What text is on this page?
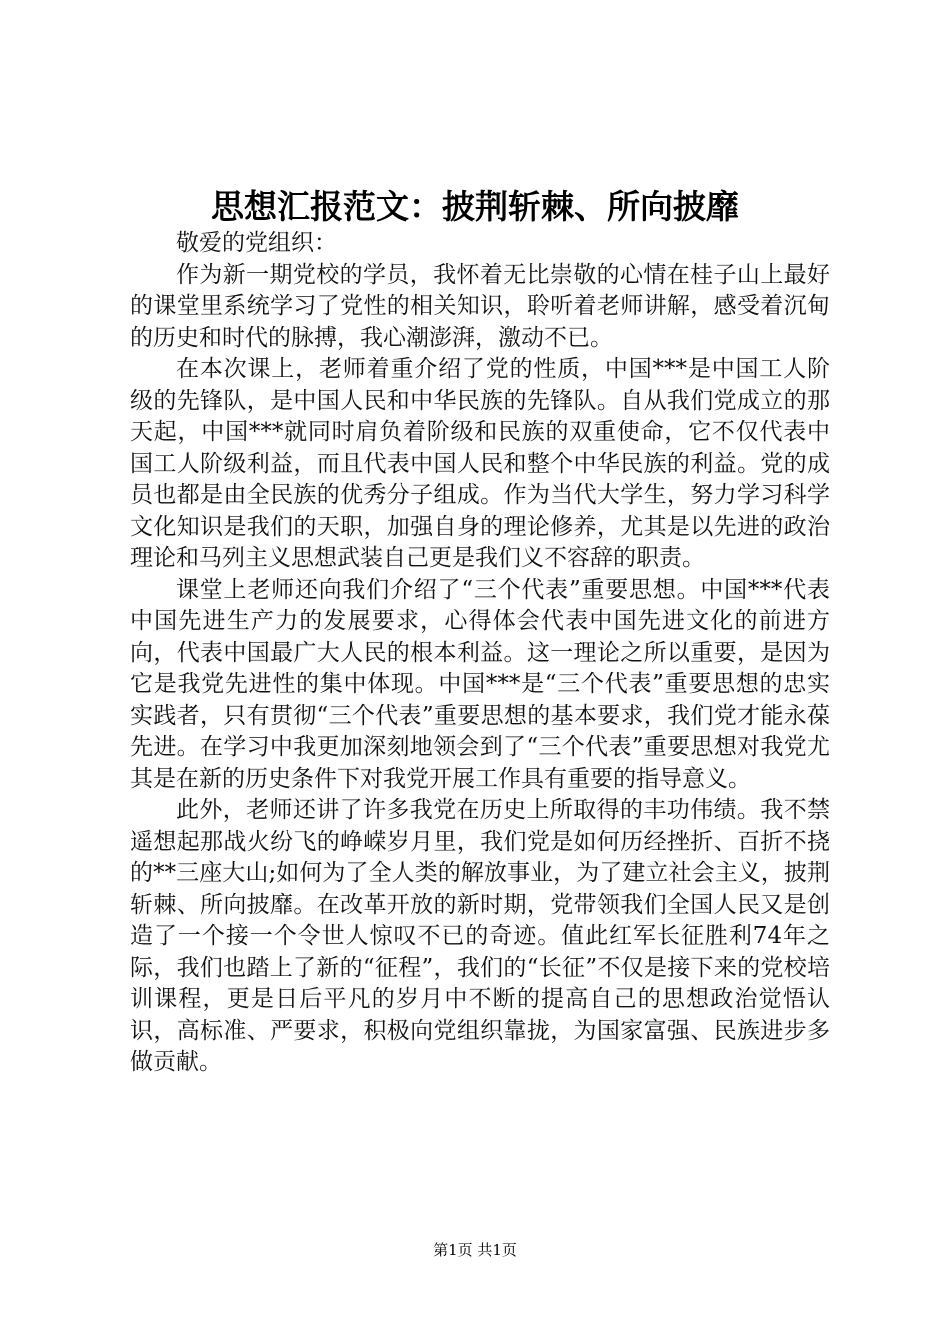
思想汇报范文：披荆斩棘、所向披靡

敬爱的党组织：

作为新一期党校的学员，我怀着无比崇敬的心情在桂子山上最好的课堂里系统学习了党性的相关知识，聆听着老师讲解，感受着沉甸的历史和时代的脉搏，我心潮澎湃，激动不已。

在本次课上，老师着重介绍了党的性质，中国***是中国工人阶级的先锋队，是中国人民和中华民族的先锋队。自从我们党成立的那天起，中国***就同时肩负着阶级和民族的双重使命，它不仅代表中国工人阶级利益，而且代表中国人民和整个中华民族的利益。党的成员也都是由全民族的优秀分子组成。作为当代大学生，努力学习科学文化知识是我们的天职，加强自身的理论修养，尤其是以先进的政治理论和马列主义思想武装自己更是我们义不容辞的职责。

课堂上老师还向我们介绍了“三个代表”重要思想。中国***代表中国先进生产力的发展要求，心得体会代表中国先进文化的前进方向，代表中国最广大人民的根本利益。这一理论之所以重要，是因为它是我党先进性的集中体现。中国***是“三个代表”重要思想的忠实实践者，只有贯彻“三个代表”重要思想的基本要求，我们党才能永葆先进。在学习中我更加深刻地领会到了“三个代表”重要思想对我党尤其是在新的历史条件下对我党开展工作具有重要的指导意义。

此外，老师还讲了许多我党在历史上所取得的丰功伟绩。我不禁遥想起那战火纷飞的峥嵘岁月里，我们党是如何历经挫折、百折不挠的**三座大山;如何为了全人类的解放事业，为了建立社会主义，披荆斩棘、所向披靡。在改革开放的新时期，党带领我们全国人民又是创造了一个接一个令世人惊叹不已的奇迹。值此红军长征胜利74年之际，我们也踏上了新的“征程”，我们的“长征”不仅是接下来的党校培训课程，更是日后平凡的岁月中不断的提高自己的思想政治觉悟认识，高标准、严要求，积极向党组织靠拢，为国家富强、民族进步多做贡献。

第1页 共1页
